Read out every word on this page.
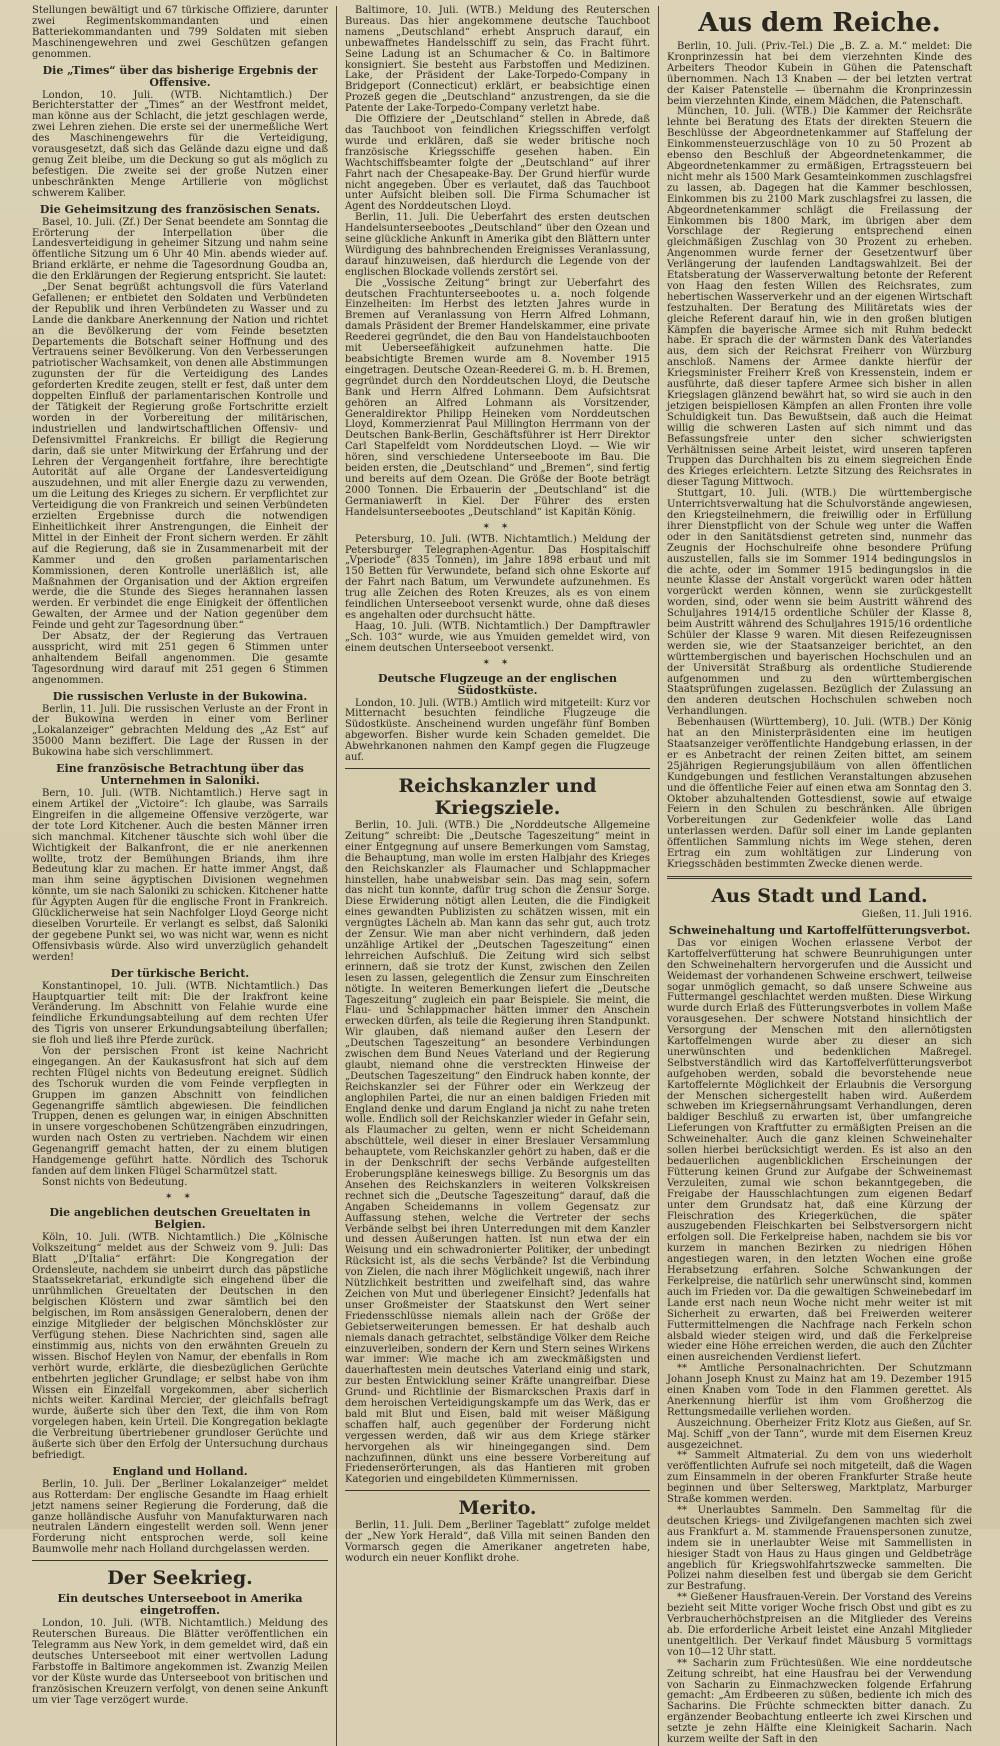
Stellungen bewältigt und 67 türkische Offiziere, darunter zwei Regimentskommandanten und einen Batteriekommandanten und 799 Soldaten mit sieben Maschinengewehren und zwei Geschützen gefangen genommen.

Die „Times“ über das bisherige Ergebnis der Offensive.

London, 10. Juli. (WTB. Nichtamtlich.) Der Berichterstatter der „Times“ an der Westfront meldet, man könne aus der Schlacht, die jetzt geschlagen werde, zwei Lehren ziehen. Die erste sei der unermeßliche Wert des Maschinengewehrs für die Verteidigung, vorausgesetzt, daß sich das Gelände dazu eigne und daß genug Zeit bleibe, um die Deckung so gut als möglich zu befestigen. Die zweite sei der große Nutzen einer unbeschränkten Menge Artillerie von möglichst schwerem Kaliber.

Die Geheimsitzung des französischen Senats.

Basel, 10. Juli. (Zf.) Der Senat beendete am Sonntag die Erörterung der Interpellation über die Landesverteidigung in geheimer Sitzung und nahm seine öffentliche Sitzung um 6 Uhr 40 Min. abends wieder auf. Briand erklärte, er nehme die Tagesordnung Goudba an, die den Erklärungen der Regierung entspricht. Sie lautet:

„Der Senat begrüßt achtungsvoll die fürs Vaterland Gefallenen; er entbietet den Soldaten und Verbündeten der Republik und ihren Verbündeten zu Wasser und zu Lande die dankbare Anerkennung der Nation und richtet an die Bevölkerung der vom Feinde besetzten Departements die Botschaft seiner Hoffnung und des Vertrauens seiner Bevölkerung. Von den Verbesserungen patriotischer Wachsamkeit, von denen alle Abstimmungen zugunsten der für die Verteidigung des Landes geforderten Kredite zeugen, stellt er fest, daß unter dem doppelten Einfluß der parlamentarischen Kontrolle und der Tätigkeit der Regierung große Fortschritte erzielt worden in der Vorbereitung der militärischen, industriellen und landwirtschaftlichen Offensiv- und Defensivmittel Frankreichs. Er billigt die Regierung darin, daß sie unter Mitwirkung der Erfahrung und der Lehren der Vergangenheit fortfahre, ihre berechtigte Autorität auf alle Organe der Landesverteidigung auszudehnen, und mit aller Energie dazu zu verwenden, um die Leitung des Krieges zu sichern. Er verpflichtet zur Verteidigung die von Frankreich und seinen Verbündeten erzielten Ergebnisse durch die notwendigen Einheitlichkeit ihrer Anstrengungen, die Einheit der Mittel in der Einheit der Front sichern werden. Er zählt auf die Regierung, daß sie in Zusammenarbeit mit der Kammer und den großen parlamentarischen Kommissionen, deren Kontrolle unerläßlich ist, alle Maßnahmen der Organisation und der Aktion ergreifen werde, die die Stunde des Sieges herannahen lassen werden. Er verbindet die enge Einigkeit der öffentlichen Gewalten, der Armee und der Nation gegenüber dem Feinde und geht zur Tagesordnung über.“

Der Absatz, der der Regierung das Vertrauen ausspricht, wird mit 251 gegen 6 Stimmen unter anhaltendem Beifall angenommen. Die gesamte Tagesordnung wird darauf mit 251 gegen 6 Stimmen angenommen.

Die russischen Verluste in der Bukowina.

Berlin, 11. Juli. Die russischen Verluste an der Front in der Bukowina werden in einer vom Berliner „Lokalanzeiger“ gebrachten Meldung des „Az Est“ auf 35000 Mann beziffert. Die Lage der Russen in der Bukowina habe sich verschlimmert.

Eine französische Betrachtung über das Unternehmen in Saloniki.

Bern, 10. Juli. (WTB. Nichtamtlich.) Herve sagt in einem Artikel der „Victoire“: Ich glaube, was Sarrails Eingreifen in die allgemeine Offensive verzögerte, war der tote Lord Kitchener. Auch die besten Männer irren sich manchmal. Kitchener täuschte sich wohl über die Wichtigkeit der Balkanfront, die er nie anerkennen wollte, trotz der Bemühungen Briands, ihm ihre Bedeutung klar zu machen. Er hatte immer Angst, daß man ihm seine ägyptischen Divisionen wegnehmen könnte, um sie nach Saloniki zu schicken. Kitchener hatte für Ägypten Augen für die englische Front in Frankreich. Glücklicherweise hat sein Nachfolger Lloyd George nicht dieselben Vorurteile. Er verlangt es selbst, daß Saloniki der gegebene Punkt sei, wo was nicht war, wenn es nicht Offensivbasis würde. Also wird unverzüglich gehandelt werden!

Der türkische Bericht.

Konstantinopel, 10. Juli. (WTB. Nichtamtlich.) Das Hauptquartier teilt mit: Die der Irakfront keine Veränderung. Im Abschnitt von Felahie wurde eine feindliche Erkundungsabteilung auf dem rechten Ufer des Tigris von unserer Erkundungsabteilung überfallen; sie floh und ließ ihre Pferde zurück.

Von der persischen Front ist keine Nachricht eingegangen. An der Kaukasusfront hat sich auf dem rechten Flügel nichts von Bedeutung ereignet. Südlich des Tschoruk wurden die vom Feinde verpflegten in Gruppen im ganzen Abschnitt von feindlichen Gegenangriffe sämtlich abgewiesen. Die feindlichen Truppen, denen es gelungen war, in einigen Abschnitten in unsere vorgeschobenen Schützengräben einzudringen, wurden nach Osten zu vertrieben. Nachdem wir einen Gegenangriff gemacht hatten, der zu einem blutigen Handgemenge geführt hatte. Nördlich des Tschoruk fanden auf dem linken Flügel Scharmützel statt.

Sonst nichts von Bedeutung.

✶ ✶
Die angeblichen deutschen Greueltaten in Belgien.

Köln, 10. Juli. (WTB. Nichtamtlich.) Die „Kölnische Volkszeitung“ meldet aus der Schweiz vom 9. Juli: Das Blatt „D'Italia“ erfährt: Die Kongregation der Ordensleute, nachdem sie unbeirrt durch das päpstliche Staatssekretariat, erkundigte sich eingehend über die unrühmlichen Greueltaten der Deutschen in den belgischen Klöstern und zwar sämtlich bei den belgischen, im Rom ansässigen Generalobern, denen der einzige Mitglieder der belgischen Mönchsklöster zur Verfügung stehen. Diese Nachrichten sind, sagen alle einstimmig aus, nichts von den erwähnten Greueln zu wissen. Bischof Heylen von Namur, der ebenfalls in Rom verhört wurde, erklärte, die diesbezüglichen Gerüchte entbehrten jeglicher Grundlage; er selbst habe von ihm Wissen ein Einzelfall vorgekommen, aber sicherlich nichts weiter. Kardinal Mercier, der gleichfalls befragt wurde, äußerte sich über den Text, die ihm von Rom vorgelegen haben, kein Urteil. Die Kongregation beklagte die Verbreitung übertriebener grundloser Gerüchte und äußerte sich über den Erfolg der Untersuchung durchaus befriedigt.

England und Holland.

Berlin, 10. Juli. Der „Berliner Lokalanzeiger“ meldet aus Rotterdam: Der englische Gesandte im Haag erhielt jetzt namens seiner Regierung die Forderung, daß die ganze holländische Ausfuhr von Manufakturwaren nach neutralen Ländern eingestellt werden soll. Wenn jener Forderung nicht entsprochen werde, soll keine Baumwolle mehr nach Holland durchgelassen werden.

Der Seekrieg.
Ein deutsches Unterseeboot in Amerika eingetroffen.

London, 10. Juli. (WTB. Nichtamtlich.) Meldung des Reuterschen Bureaus. Die Blätter veröffentlichen ein Telegramm aus New York, in dem gemeldet wird, daß ein deutsches Unterseeboot mit einer wertvollen Ladung Farbstoffe in Baltimore angekommen ist. Zwanzig Meilen vor der Küste wurde das Unterseeboot von britischen und französischen Kreuzern verfolgt, von denen seine Ankunft um vier Tage verzögert wurde.

Baltimore, 10. Juli. (WTB.) Meldung des Reuterschen Bureaus. Das hier angekommene deutsche Tauchboot namens „Deutschland“ erhebt Anspruch darauf, ein unbewaffnetes Handelsschiff zu sein, das Fracht führt. Seine Ladung ist an Schumacher & Co. in Baltimore konsigniert. Sie besteht aus Farbstoffen und Medizinen. Lake, der Präsident der Lake-Torpedo-Company in Bridgeport (Connecticut) erklärt, er beabsichtige einen Prozeß gegen die „Deutschland“ anzustrengen, da sie die Patente der Lake-Torpedo-Company verletzt habe.

Die Offiziere der „Deutschland“ stellen in Abrede, daß das Tauchboot von feindlichen Kriegsschiffen verfolgt wurde und erklären, daß sie weder britische noch französische Kriegsschiffe gesehen haben. Ein Wachtschiffsbeamter folgte der „Deutschland“ auf ihrer Fahrt nach der Chesapeake-Bay. Der Grund hierfür wurde nicht angegeben. Über es verlautet, daß das Tauchboot unter Aufsicht bleiben soll. Die Firma Schumacher ist Agent des Norddeutschen Lloyd.

Berlin, 11. Juli. Die Ueberfahrt des ersten deutschen Handelsunterseebootes „Deutschland“ über den Ozean und seine glückliche Ankunft in Amerika gibt den Blättern unter Würdigung des bahnbrechenden Ereignisses Veranlassung, darauf hinzuweisen, daß hierdurch die Legende von der englischen Blockade vollends zerstört sei.

Die „Vossische Zeitung“ bringt zur Ueberfahrt des deutschen Frachtunterseebootes u. a. noch folgende Einzelheiten: Im Herbst des letzten Jahres wurde in Bremen auf Veranlassung von Herrn Alfred Lohmann, damals Präsident der Bremer Handelskammer, eine private Reederei gegründet, die den Bau von Handelstauchbooten mit Ueberseefähigkeit aufzunehmen hatte. Die beabsichtigte Bremen wurde am 8. November 1915 eingetragen. Deutsche Ozean-Reederei G. m. b. H. Bremen, gegründet durch den Norddeutschen Lloyd, die Deutsche Bank und Herrn Alfred Lohmann. Dem Aufsichtsrat gehören an Alfred Lohmann als Vorsitzender, Generaldirektor Philipp Heineken vom Norddeutschen Lloyd, Kommerzienrat Paul Millington Herrmann von der Deutschen Bank-Berlin, Geschäftsführer ist Herr Direktor Carl Stapelfeldt vom Norddeutschen Lloyd. — Wie wir hören, sind verschiedene Unterseeboote im Bau. Die beiden ersten, die „Deutschland“ und „Bremen“, sind fertig und bereits auf dem Ozean. Die Größe der Boote beträgt 2000 Tonnen. Die Erbauerin der „Deutschland“ ist die Germaniawerft in Kiel. Der Führer des ersten Handelsunterseebootes „Deutschland“ ist Kapitän König.

✶ ✶

Petersburg, 10. Juli. (WTB. Nichtamtlich.) Meldung der Petersburger Telegraphen-Agentur. Das Hospitalschiff „Vperiode“ (835 Tonnen), im Jahre 1898 erbaut und mit 150 Betten für Verwundete, befand sich ohne Eskorte auf der Fahrt nach Batum, um Verwundete aufzunehmen. Es trug alle Zeichen des Roten Kreuzes, als es von einem feindlichen Unterseeboot versenkt wurde, ohne daß dieses es angehalten oder durchsucht hätte.

Haag, 10. Juli. (WTB. Nichtamtlich.) Der Dampftrawler „Sch. 103“ wurde, wie aus Ymuiden gemeldet wird, von einem deutschen Unterseeboot versenkt.

✶ ✶
Deutsche Flugzeuge an der englischen Südostküste.

London, 10. Juli. (WTB.) Amtlich wird mitgeteilt: Kurz vor Mitternacht besuchten feindliche Flugzeuge die Südostküste. Anscheinend wurden ungefähr fünf Bomben abgeworfen. Bisher wurde kein Schaden gemeldet. Die Abwehrkanonen nahmen den Kampf gegen die Flugzeuge auf.

Reichskanzler und Kriegsziele.

Berlin, 10. Juli. (WTB.) Die „Norddeutsche Allgemeine Zeitung“ schreibt: Die „Deutsche Tageszeitung“ meint in einer Entgegnung auf unsere Bemerkungen vom Samstag, die Behauptung, man wolle im ersten Halbjahr des Krieges den Reichskanzler als Flaumacher und Schlappmacher hinstellen, habe unabweisbar sein. Das mag sein, sofern das nicht tun konnte, dafür trug schon die Zensur Sorge. Diese Erwiderung nötigt allen Leuten, die die Findigkeit eines gewandten Publizisten zu schätzen wissen, mit ein vergnügtes Lächeln ab. Man kann das sehr gut, auch trotz der Zensur. Wie man aber nicht verhindern, daß jeden unzählige Artikel der „Deutschen Tageszeitung“ einen lehrreichen Aufschluß. Die Zeitung wird sich selbst erinnern, daß sie trotz der Kunst, zwischen den Zeilen lesen zu lassen, gelegentlich die Zensur zum Einschreiten nötigte. In weiteren Bemerkungen liefert die „Deutsche Tageszeitung“ zugleich ein paar Beispiele. Sie meint, die Flau- und Schlappmacher hätten immer den Anschein erwecken dürfen, als teile die Regierung ihren Standpunkt. Wir glauben, daß niemand außer den Lesern der „Deutschen Tageszeitung“ an besondere Verbindungen zwischen dem Bund Neues Vaterland und der Regierung glaubt, niemand ohne die verstreckten Hinweise der „Deutschen Tageszeitung“ den Eindruck haben konnte, der Reichskanzler sei der Führer oder ein Werkzeug der anglophilen Partei, die nur an einen baldigen Frieden mit England denke und darum England ja nicht zu nahe treten wolle. Endlich soll der Reichskanzler wieder in Gefahr sein, als Flaumacher zu gelten, wenn er nicht Scheidemann abschüttele, weil dieser in einer Breslauer Versammlung behauptete, vom Reichskanzler gehört zu haben, daß er die in der Denkschrift der sechs Verbände aufgestellten Eroberungspläne keineswegs billige. Zu Besorgnis um das Ansehen des Reichskanzlers in weiteren Volkskreisen rechnet sich die „Deutsche Tageszeitung“ darauf, daß die Angaben Scheidemanns in vollem Gegensatz zur Auffassung stehen, welche die Vertreter der sechs Verbände selbst bei ihren Unterredungen mit dem Kanzler und dessen Äußerungen hatten. Ist nun etwa der ein Weisung und ein schwadronierter Politiker, der unbedingt Rücksicht ist, als die sechs Verbände? Ist die Verbindung von Zielen, die nach ihrer Möglichkeit ungewiß, nach ihrer Nützlichkeit bestritten und zweifelhaft sind, das wahre Zeichen von Mut und überlegener Einsicht? Jedenfalls hat unser Großmeister der Staatskunst den Wert seiner Friedensschlüsse niemals allein nach der Größe der Gebietserweiterungen bemessen. Er hat deshalb auch niemals danach getrachtet, selbständige Völker dem Reiche einzuverleiben, sondern der Kern und Stern seines Wirkens war immer: Wie mache ich am zweckmäßigsten und dauerhaftesten mein deutsches Vaterland einig und stark, zur besten Entwicklung seiner Kräfte unangreifbar. Diese Grund- und Richtlinie der Bismarckschen Praxis darf in dem heroischen Verteidigungskampfe um das Werk, das er bald mit Blut und Eisen, bald mit weiser Mäßigung schaffen half, auch gegenüber der Forderung nicht vergessen werden, daß wir aus dem Kriege stärker hervorgehen als wir hineingegangen sind. Dem nachzufinnen, dünkt uns eine bessere Vorbereitung auf Friedenserörterungen, als das Hantieren mit groben Kategorien und eingebildeten Kümmernissen.

Merito.

Berlin, 11. Juli. Dem „Berliner Tageblatt“ zufolge meldet der „New York Herald“, daß Villa mit seinen Banden den Vormarsch gegen die Amerikaner angetreten habe, wodurch ein neuer Konflikt drohe.

Aus dem Reiche.

Berlin, 10. Juli. (Priv.-Tel.) Die „B. Z. a. M.“ meldet: Die Kronprinzessin hat bei dem vierzehnten Kinde des Arbeiters Theodor Kubein in Gühen die Patenschaft übernommen. Nach 13 Knaben — der bei letzten vertrat der Kaiser Patenstelle — übernahm die Kronprinzessin beim vierzehnten Kinde, einem Mädchen, die Patenschaft.

München, 10. Juli. (WTB.) Die Kammer der Reichsräte lehnte bei Beratung des Etats der direkten Steuern die Beschlüsse der Abgeordnetenkammer auf Staffelung der Einkommensteuerzuschläge von 10 zu 50 Prozent ab ebenso den Beschluß der Abgeordnetenkammer, die Abgeordnetenkammer zu ermäßigen, Ertragssteuern bei nicht mehr als 1500 Mark Gesamteinkommen zuschlagsfrei zu lassen, ab. Dagegen hat die Kammer beschlossen, Einkommen bis zu 2100 Mark zuschlagsfrei zu lassen, die Abgeordnetenkammer schlägt die Freilassung der Einkommen bis 1800 Mark, im übrigen aber dem Vorschlage der Regierung entsprechend einen gleichmäßigen Zuschlag von 30 Prozent zu erheben. Angenommen wurde ferner der Gesetzentwurf über Verlängerung der laufenden Landtagswahlzeit. Bei der Etatsberatung der Wasserverwaltung betonte der Referent von Haag den festen Willen des Reichsrates, zum hebertischen Wasserverkehr und an der eigenen Wirtschaft festzuhalten. Der Beratung des Militäretats wies der gleiche Referent darauf hin, wie in den großen blutigen Kämpfen die bayerische Armee sich mit Ruhm bedeckt habe. Er sprach die der wärmsten Dank des Vaterlandes aus, dem sich der Reichsrat Freiherr von Würzburg anschloß. Namens der Armee dankte hierfür der Kriegsminister Freiherr Kreß von Kressenstein, indem er ausführte, daß dieser tapfere Armee sich bisher in allen Kriegslagen glänzend bewährt hat, so wird sie auch in den jetzigen beispiellosen Kämpfen an allen Fronten ihre volle Schuldigkeit tun. Das Bewußtsein, daß auch die Heimat willig die schweren Lasten auf sich nimmt und das Befassungsfreie unter den sicher schwierigsten Verhältnissen seine Arbeit leistet, wird unseren tapferen Truppen das Durchhalten bis zu einem siegreichen Ende des Krieges erleichtern. Letzte Sitzung des Reichsrates in dieser Tagung Mittwoch.

Stuttgart, 10. Juli. (WTB.) Die württembergische Unterrichtsverwaltung hat die Schulvorstände angewiesen, den Kriegsteilnehmern, die freiwillig oder in Erfüllung ihrer Dienstpflicht von der Schule weg unter die Waffen oder in den Sanitätsdienst getreten sind, nunmehr das Zeugnis der Hochschulreife ohne besondere Prüfung auszustellen, falls sie im Sommer 1914 bedingungslos in die achte, oder im Sommer 1915 bedingungslos in die neunte Klasse der Anstalt vorgerückt waren oder hätten vorgerückt werden können, wenn sie zurückgestellt worden, sind, oder wenn sie beim Austritt während des Schuljahres 1914/15 ordentliche Schüler der Klasse 8, beim Austritt während des Schuljahres 1915/16 ordentliche Schüler der Klasse 9 waren. Mit diesen Reifezeugnissen werden sie, wie der Staatsanzeiger berichtet, an den württembergischen und bayerischen Hochschulen und an der Universität Straßburg als ordentliche Studierende aufgenommen und zu den württembergischen Staatsprüfungen zugelassen. Bezüglich der Zulassung an den anderen deutschen Hochschulen schweben noch Verhandlungen.

Bebenhausen (Württemberg), 10. Juli. (WTB.) Der König hat an den Ministerpräsidenten eine im heutigen Staatsanzeiger veröffentlichte Handgebung erlassen, in der er es Anbetracht der reinen Zeiten bittet, am seinem 25jährigen Regierungsjubiläum von allen öffentlichen Kundgebungen und festlichen Veranstaltungen abzusehen und die öffentliche Feier auf einen etwa am Sonntag den 3. Oktober abzuhaltenden Gottesdienst, sowie auf etwaige Feiern in den Schulen zu beschränken. Alle übrigen Vorbereitungen zur Gedenkfeier wolle das Land unterlassen werden. Dafür soll einer im Lande geplanten öffentlichen Sammlung nichts im Wege stehen, deren Ertrag ein zum wohltätigen zur Linderung von Kriegsschäden bestimmten Zwecke dienen werde.

Aus Stadt und Land.
Gießen, 11. Juli 1916.
Schweinehaltung und Kartoffelfütterungsverbot.

Das vor einigen Wochen erlassene Verbot der Kartoffelverfütterung hat schwere Beunruhigungen unter den Schweinehaltern hervorgerufen und die Aussicht und Weidemast der vorhandenen Schweine erschwert, teilweise sogar unmöglich gemacht, so daß unsere Schweine aus Futtermangel geschlachtet werden mußten. Diese Wirkung wurde durch Erlaß des Fütterungsverbotes in vollem Maße vorausgesehen. Der schwere Notstand hinsichtlich der Versorgung der Menschen mit den allernötigsten Kartoffelmengen wurde aber zu dieser an sich unerwünschten und bedenklichen Maßregel. Selbstverständlich wird das Kartoffelverfütterungsverbot aufgehoben werden, sobald die bevorstehende neue Kartoffelernte Möglichkeit der Erlaubnis die Versorgung der Menschen sichergestellt haben wird. Außerdem schweben im Kriegsernährungsamt Verhandlungen, deren baldiger Beschluß zu erwarten ist, über umfangreiche Lieferungen von Kraftfutter zu ermäßigten Preisen an die Schweinehalter. Auch die ganz kleinen Schweinehalter sollen hierbei berücksichtigt werden. Es ist also an den bedauerlichen augenblicklichen Erscheinungen der Fütterung keinen Grund zur Aufgabe der Schweinemast Verzuleiten, zumal wie schon bekanntgegeben, die Freigabe der Hausschlachtungen zum eigenen Bedarf unter dem Grundsatz hat, daß eine Kürzung der Fleischration des Kriegerküchen, die später auszugebenden Fleischkarten bei Selbstversorgern nicht erfolgen soll. Die Ferkelpreise haben, nachdem sie bis vor kurzem in manchen Bezirken zu niedrigen Höhen angestiegen waren, in den letzten Wochen eine große Herabsetzung erfahren. Solche Schwankungen der Ferkelpreise, die natürlich sehr unerwünscht sind, kommen auch im Frieden vor. Da die gewaltigen Schweinebedarf im Lande erst nach neun Woche nicht mehr weiter ist mit Sicherheit zu erwarten, daß bei Freiwerden weiterer Futtermittelmengen die Nachfrage nach Ferkeln schon alsbald wieder steigen wird, und daß die Ferkelpreise wieder eine Höhe erreichen werden, die auch den Züchter einen ausreichenden Verdienst liefert.

** Amtliche Personalnachrichten. Der Schutzmann Johann Joseph Knust zu Mainz hat am 19. Dezember 1915 einen Knaben vom Tode in den Flammen gerettet. Als Anerkennung hierfür ist ihm vom Großherzog die Rettungsmedaille verliehen worden.

Auszeichnung. Oberheizer Fritz Klotz aus Gießen, auf Sr. Maj. Schiff „von der Tann“, wurde mit dem Eisernen Kreuz ausgezeichnet.

** Sammelt Altmaterial. Zu dem von uns wiederholt veröffentlichten Aufrufe sei noch mitgeteilt, daß die Wagen zum Einsammeln in der oberen Frankfurter Straße heute beginnen und über Seltersweg, Marktplatz, Marburger Straße kommen werden.

** Unerlaubtes Sammeln. Den Sammeltag für die deutschen Kriegs- und Zivilgefangenen machten sich zwei aus Frankfurt a. M. stammende Frauenspersonen zunutze, indem sie in unerlaubter Weise mit Sammellisten in hiesiger Stadt von Haus zu Haus gingen und Geldbeträge angeblich für Kriegswohlfahrtszwecke sammelten. Die Polizei nahm dieselben fest und übergab sie dem Gericht zur Bestrafung.

** Gießener Hausfrauen-Verein. Der Vorstand des Vereins bezieht seit Mitte voriger Woche frisch Obst und gibt es zu Verbraucherhöchstpreisen an die Mitglieder des Vereins ab. Die erforderliche Arbeit leistet eine Anzahl Mitglieder unentgeltlich. Der Verkauf findet Mäusburg 5 vormittags von 10—12 Uhr statt.

** Sacharin zum Früchtesüßen. Wie eine norddeutsche Zeitung schreibt, hat eine Hausfrau bei der Verwendung von Sacharin zu Einmachzwecken folgende Erfahrung gemacht: „Am Erdbeeren zu süßen, bediente ich mich des Sacharins. Die Früchte schmeckten bitter danach. Zu ergänzender Beobachtung entleerte ich zwei Kirschen und setzte je zehn Hälfte eine Kleinigkeit Sacharin. Nach kurzem weilte der Saft in den
